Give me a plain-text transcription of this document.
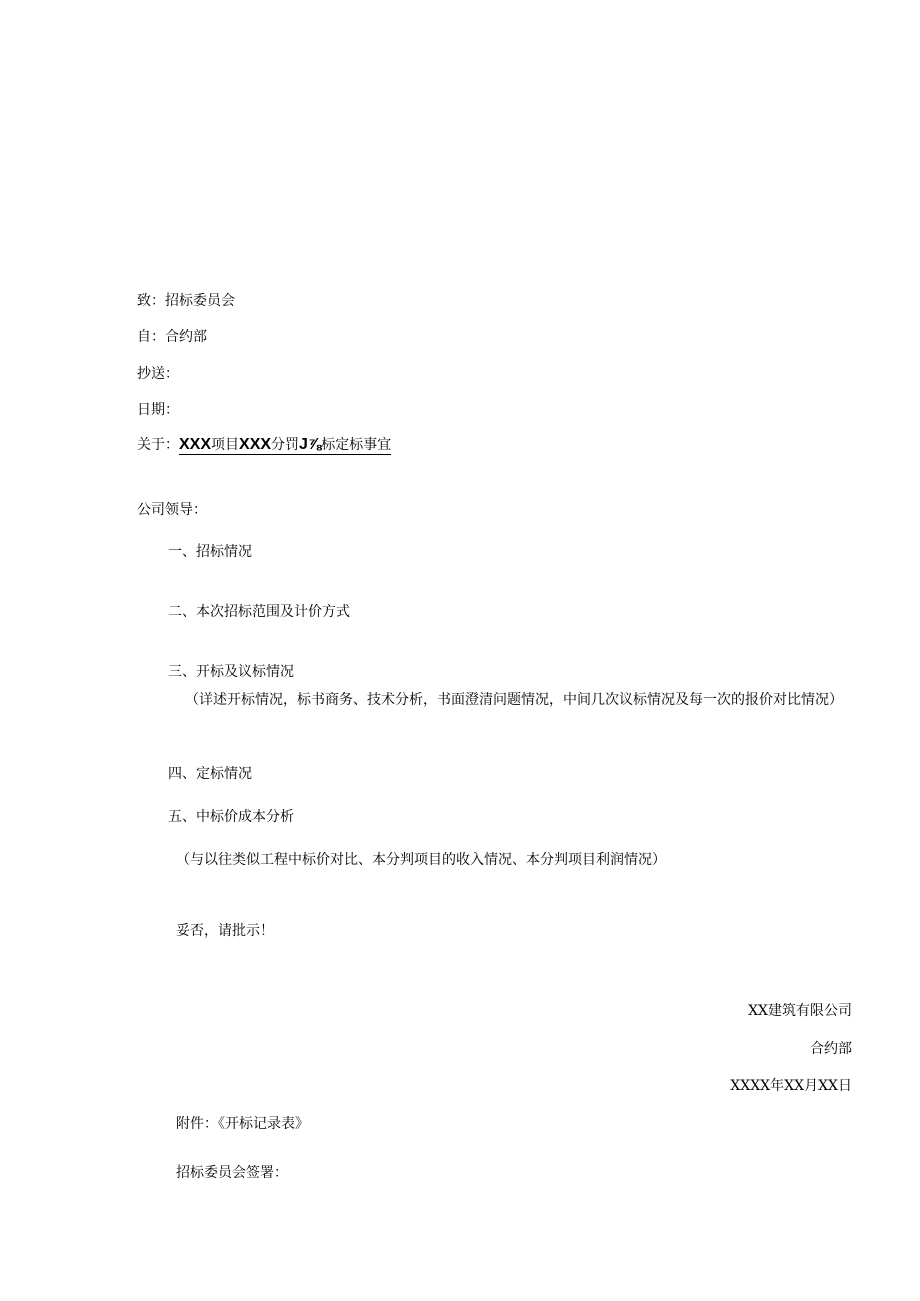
致：招标委员会
自：合约部
抄送：
日期：
关于：XXX项目XXX分罚J⅞标定标事宜
公司领导：
一、招标情况
二、本次招标范围及计价方式
三、开标及议标情况
（详述开标情况，标书商务、技术分析，书面澄清问题情况，中间几次议标情况及每一次的报价对比情况）
四、定标情况
五、中标价成本分析
（与以往类似工程中标价对比、本分判项目的收入情况、本分判项目利润情况）
妥否，请批示！
XX建筑有限公司
合约部
XXXX年XX月XX日
附件：《开标记录表》
招标委员会签署：
